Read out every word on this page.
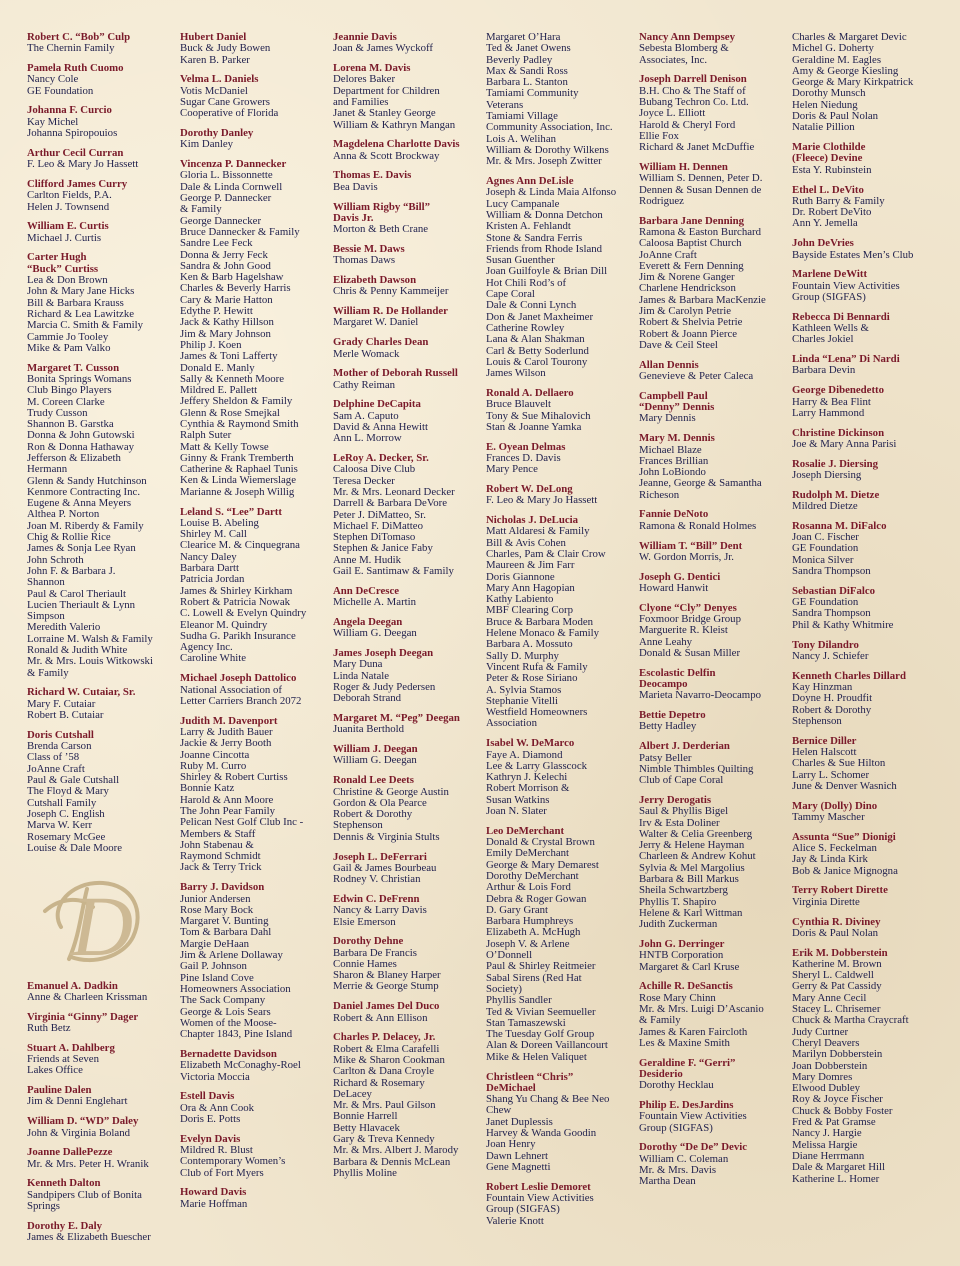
Robert C. “Bob” Culp
The Chernin Family
Pamela Ruth Cuomo
Nancy Cole
GE Foundation
Johanna F. Curcio
Kay Michel
Johanna Spiropouios
Arthur Cecil Curran
F. Leo & Mary Jo Hassett
Clifford James Curry
Carlton Fields, P.A.
Helen J. Townsend
William E. Curtis
Michael J. Curtis
Carter Hugh
“Buck” Curtiss
Lea & Don Brown
John & Mary Jane Hicks
Bill & Barbara Krauss
Richard & Lea Lawitzke
Marcia C. Smith & Family
Cammie Jo Tooley
Mike & Pam Valko
Margaret T. Cusson
Bonita Springs Womans
Club Bingo Players
M. Coreen Clarke
Trudy Cusson
Shannon B. Garstka
Donna & John Gutowski
Ron & Donna Hathaway
Jefferson & Elizabeth
Hermann
Glenn & Sandy Hutchinson
Kenmore Contracting Inc.
Eugene & Anna Meyers
Althea P. Norton
Joan M. Riberdy & Family
Chig & Rollie Rice
James & Sonja Lee Ryan
John Schroth
John F. & Barbara J.
Shannon
Paul & Carol Theriault
Lucien Theriault & Lynn
Simpson
Meredith Valerio
Lorraine M. Walsh & Family
Ronald & Judith White
Mr. & Mrs. Louis Witkowski
& Family
Richard W. Cutaiar, Sr.
Mary F. Cutaiar
Robert B. Cutaiar
Doris Cutshall
Brenda Carson
Class of ’58
JoAnne Craft
Paul & Gale Cutshall
The Floyd & Mary
Cutshall Family
Joseph C. English
Marva W. Kerr
Rosemary McGee
Louise & Dale Moore
D
Emanuel A. Dadkin
Anne & Charleen Krissman
Virginia “Ginny” Dager
Ruth Betz
Stuart A. Dahlberg
Friends at Seven
Lakes Office
Pauline Dalen
Jim & Denni Englehart
William D. “WD” Daley
John & Virginia Boland
Joanne DallePezze
Mr. & Mrs. Peter H. Wranik
Kenneth Dalton
Sandpipers Club of Bonita
Springs
Dorothy E. Daly
James & Elizabeth Buescher
Hubert Daniel
Buck & Judy Bowen
Karen B. Parker
Velma L. Daniels
Votis McDaniel
Sugar Cane Growers
Cooperative of Florida
Dorothy Danley
Kim Danley
Vincenza P. Dannecker
Gloria L. Bissonnette
Dale & Linda Cornwell
George P. Dannecker
& Family
George Dannecker
Bruce Dannecker & Family
Sandre Lee Feck
Donna & Jerry Feck
Sandra & John Good
Ken & Barb Hagelshaw
Charles & Beverly Harris
Cary & Marie Hatton
Edythe P. Hewitt
Jack & Kathy Hillson
Jim & Mary Johnson
Philip J. Koen
James & Toni Lafferty
Donald E. Manly
Sally & Kenneth Moore
Mildred E. Pallett
Jeffery Sheldon & Family
Glenn & Rose Smejkal
Cynthia & Raymond Smith
Ralph Suter
Matt & Kelly Towse
Ginny & Frank Tremberth
Catherine & Raphael Tunis
Ken & Linda Wiemerslage
Marianne & Joseph Willig
Leland S. “Lee” Dartt
Louise B. Abeling
Shirley M. Call
Clearice M. & Cinquegrana
Nancy Daley
Barbara Dartt
Patricia Jordan
James & Shirley Kirkham
Robert & Patricia Nowak
C. Lowell & Evelyn Quindry
Eleanor M. Quindry
Sudha G. Parikh Insurance
Agency Inc.
Caroline White
Michael Joseph Dattolico
National Association of
Letter Carriers Branch 2072
Judith M. Davenport
Larry & Judith Bauer
Jackie & Jerry Booth
Joanne Cincotta
Ruby M. Curro
Shirley & Robert Curtiss
Bonnie Katz
Harold & Ann Moore
The John Pear Family
Pelican Nest Golf Club Inc -
Members & Staff
John Stabenau &
Raymond Schmidt
Jack & Terry Trick
Barry J. Davidson
Junior Andersen
Rose Mary Bock
Margaret V. Bunting
Tom & Barbara Dahl
Margie DeHaan
Jim & Arlene Dollaway
Gail P. Johnson
Pine Island Cove
Homeowners Association
The Sack Company
George & Lois Sears
Women of the Moose-
Chapter 1843, Pine Island
Bernadette Davidson
Elizabeth McConaghy-Roel
Victoria Moccia
Estell Davis
Ora & Ann Cook
Doris E. Potts
Evelyn Davis
Mildred R. Blust
Contemporary Women’s
Club of Fort Myers
Howard Davis
Marie Hoffman
Jeannie Davis
Joan & James Wyckoff
Lorena M. Davis
Delores Baker
Department for Children
and Families
Janet & Stanley George
William & Kathryn Mangan
Magdelena Charlotte Davis
Anna & Scott Brockway
Thomas E. Davis
Bea Davis
William Rigby “Bill”
Davis Jr.
Morton & Beth Crane
Bessie M. Daws
Thomas Daws
Elizabeth Dawson
Chris & Penny Kammeijer
William R. De Hollander
Margaret W. Daniel
Grady Charles Dean
Merle Womack
Mother of Deborah Russell
Cathy Reiman
Delphine DeCapita
Sam A. Caputo
David & Anna Hewitt
Ann L. Morrow
LeRoy A. Decker, Sr.
Caloosa Dive Club
Teresa Decker
Mr. & Mrs. Leonard Decker
Darrell & Barbara DeVore
Peter J. DiMatteo, Sr.
Michael F. DiMatteo
Stephen DiTomaso
Stephen & Janice Faby
Anne M. Hudik
Gail E. Santimaw & Family
Ann DeCrescе
Michelle A. Martin
Angela Deegan
William G. Deegan
James Joseph Deegan
Mary Duna
Linda Natale
Roger & Judy Pedersen
Deborah Strand
Margaret M. “Peg” Deegan
Juanita Berthold
William J. Deegan
William G. Deegan
Ronald Lee Deets
Christine & George Austin
Gordon & Ola Pearce
Robert & Dorothy
Stephenson
Dennis & Virginia Stults
Joseph L. DeFerrari
Gail & James Bourbeau
Rodney V. Christian
Edwin C. DeFrenn
Nancy & Larry Davis
Elsie Emerson
Dorothy Dehne
Barbara De Francis
Connie Hames
Sharon & Blaney Harper
Merrie & George Stump
Daniel James Del Duco
Robert & Ann Ellison
Charles P. Delacey, Jr.
Robert & Elma Carafelli
Mike & Sharon Cookman
Carlton & Dana Croyle
Richard & Rosemary
DeLacey
Mr. & Mrs. Paul Gilson
Bonnie Harrell
Betty Hlavacek
Gary & Treva Kennedy
Mr. & Mrs. Albert J. Marody
Barbara & Dennis McLean
Phyllis Moline
Margaret O’Hara
Ted & Janet Owens
Beverly Padley
Max & Sandi Ross
Barbara L. Stanton
Tamiami Community
Veterans
Tamiami Village
Community Association, Inc.
Lois A. Welihan
William & Dorothy Wilkens
Mr. & Mrs. Joseph Zwitter
Agnes Ann DeLisle
Joseph & Linda Maia Alfonso
Lucy Campanale
William & Donna Detchon
Kristen A. Fehlandt
Stone & Sandra Ferris
Friends from Rhode Island
Susan Guenther
Joan Guilfoyle & Brian Dill
Hot Chili Rod’s of
Cape Coral
Dale & Conni Lynch
Don & Janet Maxheimer
Catherine Rowley
Lana & Alan Shakman
Carl & Betty Soderlund
Louis & Carol Tourony
James Wilson
Ronald A. Dellaero
Bruce Blauvelt
Tony & Sue Mihalovich
Stan & Joanne Yamka
E. Oyean Delmas
Frances D. Davis
Mary Pence
Robert W. DeLong
F. Leo & Mary Jo Hassett
Nicholas J. DeLucia
Matt Aldaresi & Family
Bill & Avis Cohen
Charles, Pam & Clair Crow
Maureen & Jim Farr
Doris Giannone
Mary Ann Hagopian
Kathy Labiento
MBF Clearing Corp
Bruce & Barbara Moden
Helene Monaco & Family
Barbara A. Mossuto
Sally D. Murphy
Vincent Rufa & Family
Peter & Rose Siriano
A. Sylvia Stamos
Stephanie Vitelli
Westfield Homeowners
Association
Isabel W. DeMarco
Faye A. Diamond
Lee & Larry Glasscock
Kathryn J. Kelechi
Robert Morrison &
Susan Watkins
Joan N. Slater
Leo DeMerchant
Donald & Crystal Brown
Emily DeMerchant
George & Mary Demarest
Dorothy DeMerchant
Arthur & Lois Ford
Debra & Roger Gowan
D. Gary Grant
Barbara Humphreys
Elizabeth A. McHugh
Joseph V. & Arlene
O’Donnell
Paul & Shirley Reitmeier
Sabal Sirens (Red Hat
Society)
Phyllis Sandler
Ted & Vivian Seemueller
Stan Tamaszewski
The Tuesday Golf Group
Alan & Doreen Vaillancourt
Mike & Helen Valiquet
Christleen “Chris”
DeMichael
Shang Yu Chang & Bee Neo
Chew
Janet Duplessis
Harvey & Wanda Goodin
Joan Henry
Dawn Lehnert
Gene Magnetti
Robert Leslie Demoret
Fountain View Activities
Group (SIGFAS)
Valerie Knott
Nancy Ann Dempsey
Sebesta Blomberg &
Associates, Inc.
Joseph Darrell Denison
B.H. Cho & The Staff of
Bubang Techron Co. Ltd.
Joyce L. Elliott
Harold & Cheryl Ford
Ellie Fox
Richard & Janet McDuffie
William H. Dennen
William S. Dennen, Peter D.
Dennen & Susan Dennen de
Rodriguez
Barbara Jane Denning
Ramona & Easton Burchard
Caloosa Baptist Church
JoAnne Craft
Everett & Fern Denning
Jim & Norene Ganger
Charlene Hendrickson
James & Barbara MacKenzie
Jim & Carolyn Petrie
Robert & Shelvia Petrie
Robert & Joann Pierce
Dave & Ceil Steel
Allan Dennis
Genevieve & Peter Caleca
Campbell Paul
“Denny” Dennis
Mary Dennis
Mary M. Dennis
Michael Blaze
Frances Brillian
John LoBiondo
Jeanne, George & Samantha
Richeson
Fannie DeNoto
Ramona & Ronald Holmes
William T. “Bill” Dent
W. Gordon Morris, Jr.
Joseph G. Dentici
Howard Hanwit
Clyone “Cly” Denyes
Foxmoor Bridge Group
Marguerite R. Kleist
Anne Leahy
Donald & Susan Miller
Escolastic Delfin
Deocampo
Marieta Navarro-Deocampo
Bettie Depetro
Betty Hadley
Albert J. Derderian
Patsy Beller
Nimble Thimbles Quilting
Club of Cape Coral
Jerry Derogatis
Saul & Phyllis Bigel
Irv & Esta Doliner
Walter & Celia Greenberg
Jerry & Helene Hayman
Charleen & Andrew Kohut
Sylvia & Mel Margolius
Barbara & Bill Markus
Sheila Schwartzberg
Phyllis T. Shapiro
Helene & Karl Wittman
Judith Zuckerman
John G. Derringer
HNTB Corporation
Margaret & Carl Kruse
Achille R. DeSanctis
Rose Mary Chinn
Mr. & Mrs. Luigi D’Ascanio
& Family
James & Karen Faircloth
Les & Maxine Smith
Geraldine F. “Gerri”
Desiderio
Dorothy Hecklau
Philip E. DesJardins
Fountain View Activities
Group (SIGFAS)
Dorothy “De De” Devic
William C. Coleman
Mr. & Mrs. Davis
Martha Dean
Charles & Margaret Devic
Michel G. Doherty
Geraldine M. Eagles
Amy & George Kiesling
George & Mary Kirkpatrick
Dorothy Munsch
Helen Niedung
Doris & Paul Nolan
Natalie Pillion
Marie Clothilde
(Fleece) Devine
Esta Y. Rubinstein
Ethel L. DeVito
Ruth Barry & Family
Dr. Robert DeVito
Ann Y. Jemella
John DeVries
Bayside Estates Men’s Club
Marlene DeWitt
Fountain View Activities
Group (SIGFAS)
Rebecca Di Bennardi
Kathleen Wells &
Charles Jokiel
Linda “Lena” Di Nardi
Barbara Devin
George Dibenedetto
Harry & Bea Flint
Larry Hammond
Christine Dickinson
Joe & Mary Anna Parisi
Rosalie J. Diersing
Joseph Diersing
Rudolph M. Dietze
Mildred Dietze
Rosanna M. DiFalco
Joan C. Fischer
GE Foundation
Monica Silver
Sandra Thompson
Sebastian DiFalco
GE Foundation
Sandra Thompson
Phil & Kathy Whitmire
Tony Dilandro
Nancy J. Schiefer
Kenneth Charles Dillard
Kay Hinzman
Doyne H. Proudfit
Robert & Dorothy
Stephenson
Bernice Diller
Helen Halscott
Charles & Sue Hilton
Larry L. Schomer
June & Denver Wasnich
Mary (Dolly) Dino
Tammy Mascher
Assunta “Sue” Dionigi
Alice S. Feckelman
Jay & Linda Kirk
Bob & Janice Mignogna
Terry Robert Dirette
Virginia Dirette
Cynthia R. Diviney
Doris & Paul Nolan
Erik M. Dobberstein
Katherine M. Brown
Sheryl L. Caldwell
Gerry & Pat Cassidy
Mary Anne Cecil
Stacey L. Chrisemer
Chuck & Martha Craycraft
Judy Curtner
Cheryl Deavers
Marilyn Dobberstein
Joan Dobberstein
Mary Domres
Elwood Dubley
Roy & Joyce Fischer
Chuck & Bobby Foster
Fred & Pat Gramse
Nancy J. Hargie
Melissa Hargie
Diane Herrmann
Dale & Margaret Hill
Katherine L. Homer
